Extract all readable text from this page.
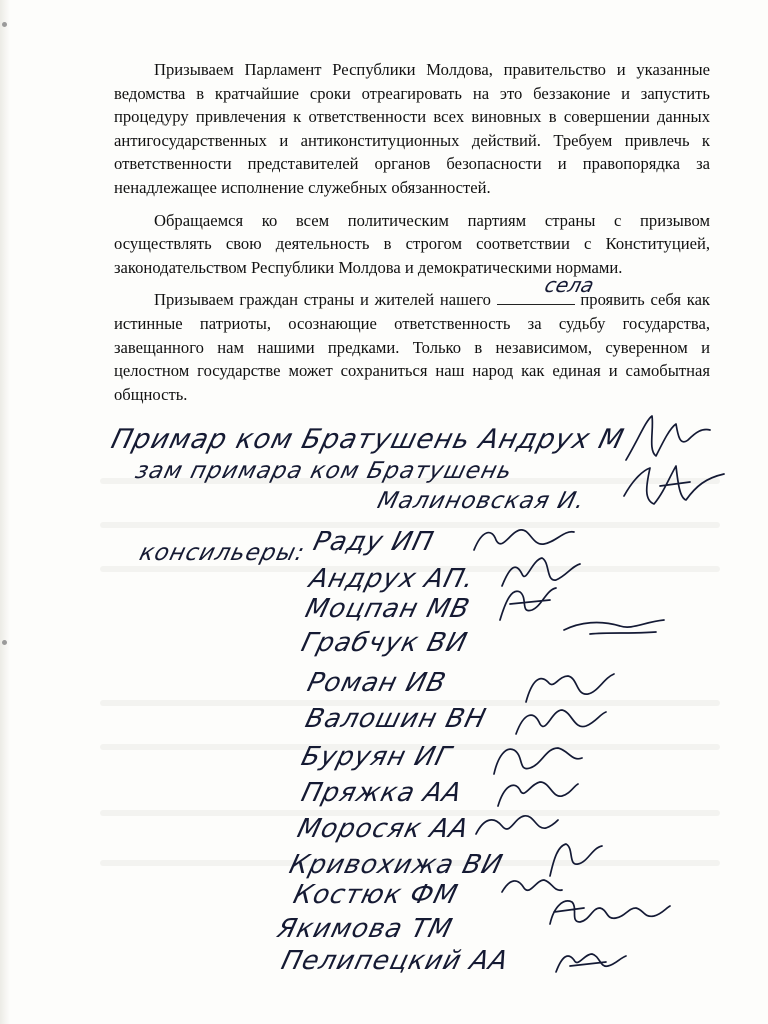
Призываем Парламент Республики Молдова, правительство и указанные ведомства в кратчайшие сроки отреагировать на это беззаконие и запустить процедуру привлечения к ответственности всех виновных в совершении данных антигосударственных и антиконституционных действий. Требуем привлечь к ответственности представителей органов безопасности и правопорядка за ненадлежащее исполнение служебных обязанностей.

Обращаемся ко всем политическим партиям страны с призывом осуществлять свою деятельность в строгом соответствии с Конституцией, законодательством Республики Молдова и демократическими нормами.

Призываем граждан страны и жителей нашего
села
проявить себя как истинные патриоты, осознающие ответственность за судьбу государства, завещанного нам нашими предками. Только в независимом, суверенном и целостном государстве может сохраниться наш народ как единая и самобытная общность.

Примар ком Братушень Андрух М
зам примара ком Братушень
Малиновская И.
консильеры: Раду ИП
Андрух АП.
Моцпан МВ
Грабчук ВИ
Роман ИВ
Валошин ВН
Буруян ИГ
Пряжка АА
Моросяк АА
Кривохижа ВИ
Костюк ФМ
Якимова ТМ
Пелипецкий АА
